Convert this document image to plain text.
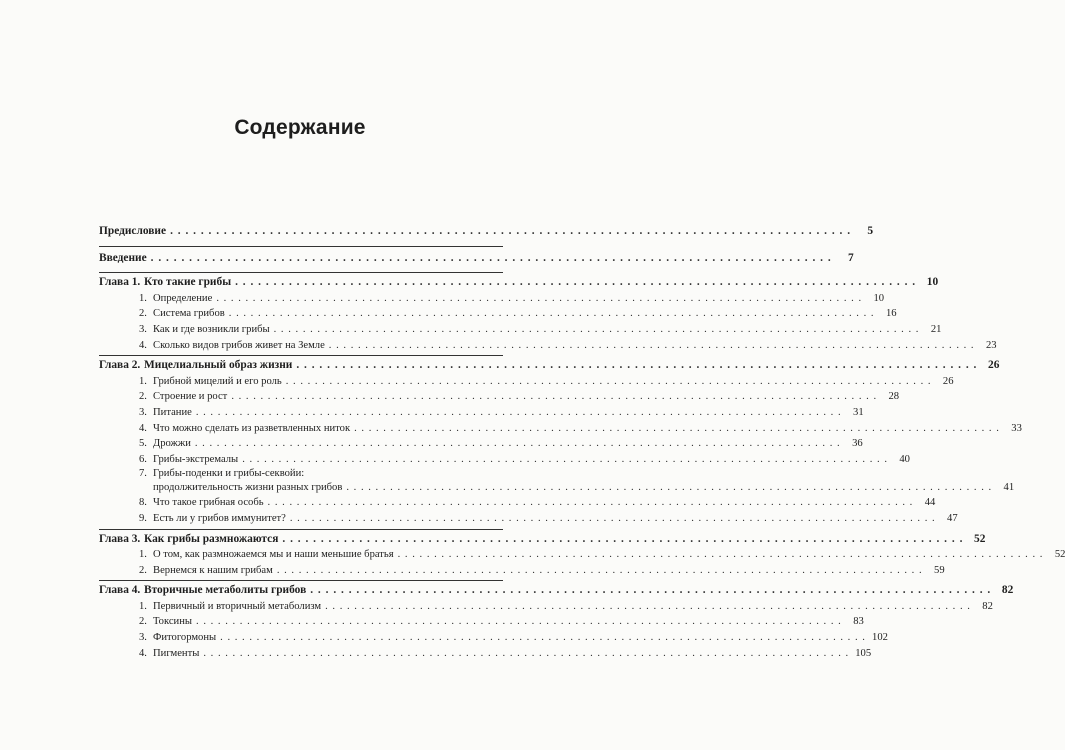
Содержание
Предисловие . . .	5
Введение . . .	7
Глава 1. Кто такие грибы . . .	10
1. Определение . . .	10
2. Система грибов . . .	16
3. Как и где возникли грибы . . .	21
4. Сколько видов грибов живет на Земле . . .	23
Глава 2. Мицелиальный образ жизни . . .	26
1. Грибной мицелий и его роль . . .	26
2. Строение и рост . . .	28
3. Питание . . .	31
4. Что можно сделать из разветвленных ниток . . .	33
5. Дрожжи . . .	36
6. Грибы-экстремалы . . .	40
7. Грибы-поденки и грибы-секвойи:
продолжительность жизни разных грибов . . .	41
8. Что такое грибная особь . . .	44
9. Есть ли у грибов иммунитет? . . .	47
Глава 3. Как грибы размножаются . . .	52
1. О том, как размножаемся мы и наши меньшие братья . . .	52
2. Вернемся к нашим грибам . . .	59
Глава 4. Вторичные метаболиты грибов . . .	82
1. Первичный и вторичный метаболизм . . .	82
2. Токсины . . .	83
3. Фитогормоны . . .	102
4. Пигменты . . .	105
